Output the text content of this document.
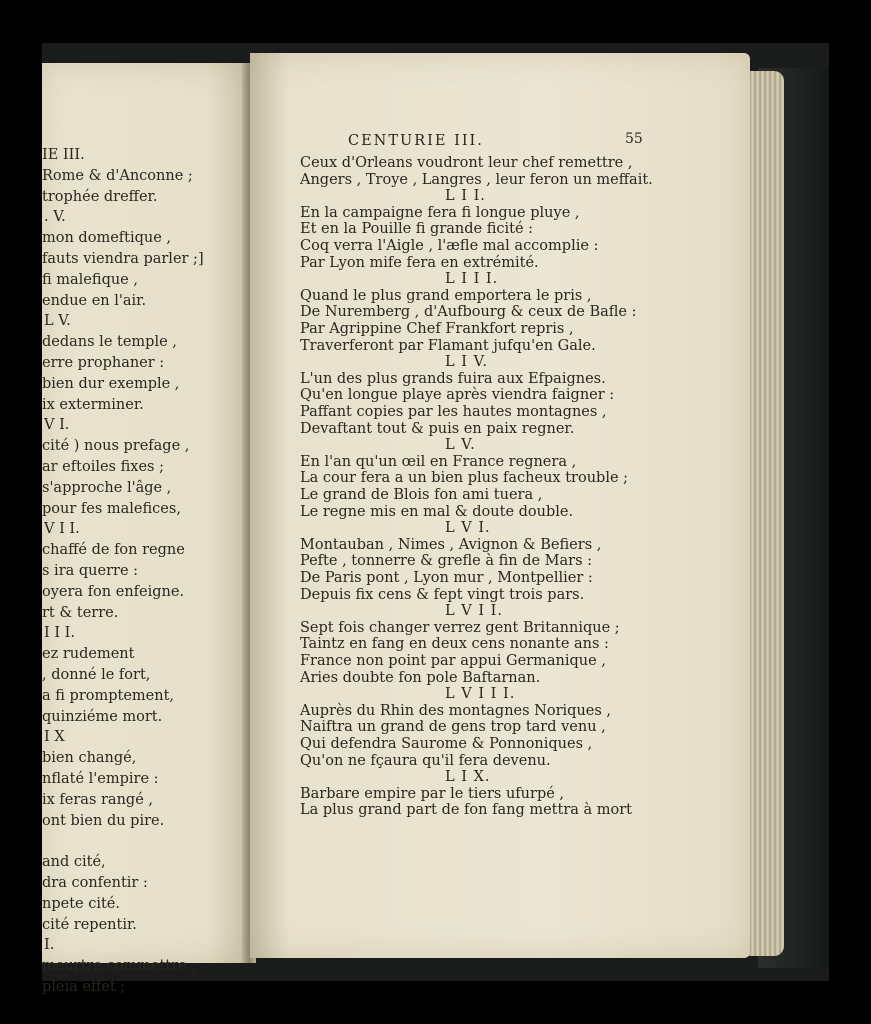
IE III.
Rome & d'Anconne ;
trophée dreffer.
. V.
mon domeftique ,
fauts viendra parler ;]
fi malefique ,
endue en l'air.
L V.
dedans le temple ,
erre prophaner :
bien dur exemple ,
ix exterminer.
V I.
cité ) nous prefage ,
ar eftoiles fixes ;
s'approche l'âge ,
pour fes malefices,
V I I.
chaffé de fon regne
s ira querre :
oyera fon enfeigne.
rt & terre.
I I I.
ez rudement
, donné le fort,
a fi promptement,
quinziéme mort.
I X
bien changé,
nflaté l'empire :
ix feras rangé ,
ont bien du pire.
and cité,
dra confentir :
npete cité.
cité repentir.
I.
meurtre commettre ;
pleia effet ;
CENTURIE III.	55
Ceux d'Orleans voudront leur chef remettre ,
Angers , Troye , Langres , leur feron un meffait.
L I I.
En la campaigne fera fi longue pluye ,
Et en la Pouille fi grande ficité :
Coq verra l'Aigle , l'æfle mal accomplie :
Par Lyon mife fera en extrémité.
L I I I.
Quand le plus grand emportera le pris ,
De Nuremberg , d'Aufbourg & ceux de Bafle :
Par Agrippine Chef Frankfort repris ,
Traverferont par Flamant jufqu'en Gale.
L I V.
L'un des plus grands fuira aux Efpaignes.
Qu'en longue playe après viendra faigner :
Paffant copies par les hautes montagnes ,
Devaftant tout & puis en paix regner.
L V.
En l'an qu'un œil en France regnera ,
La cour fera a un bien plus facheux trouble ;
Le grand de Blois fon ami tuera ,
Le regne mis en mal & doute double.
L V I.
Montauban , Nimes , Avignon & Befiers ,
Pefte , tonnerre & grefle à fin de Mars :
De Paris pont , Lyon mur , Montpellier :
Depuis fix cens & fept vingt trois pars.
L V I I.
Sept fois changer verrez gent Britannique ;
Taintz en fang en deux cens nonante ans :
France non point par appui Germanique ,
Aries doubte fon pole Baftarnan.
L V I I I.
Auprès du Rhin des montagnes Noriques ,
Naiftra un grand de gens trop tard venu ,
Qui defendra Saurome & Ponnoniques ,
Qu'on ne fçaura qu'il fera devenu.
L I X.
Barbare empire par le tiers ufurpé ,
La plus grand part de fon fang mettra à mort
